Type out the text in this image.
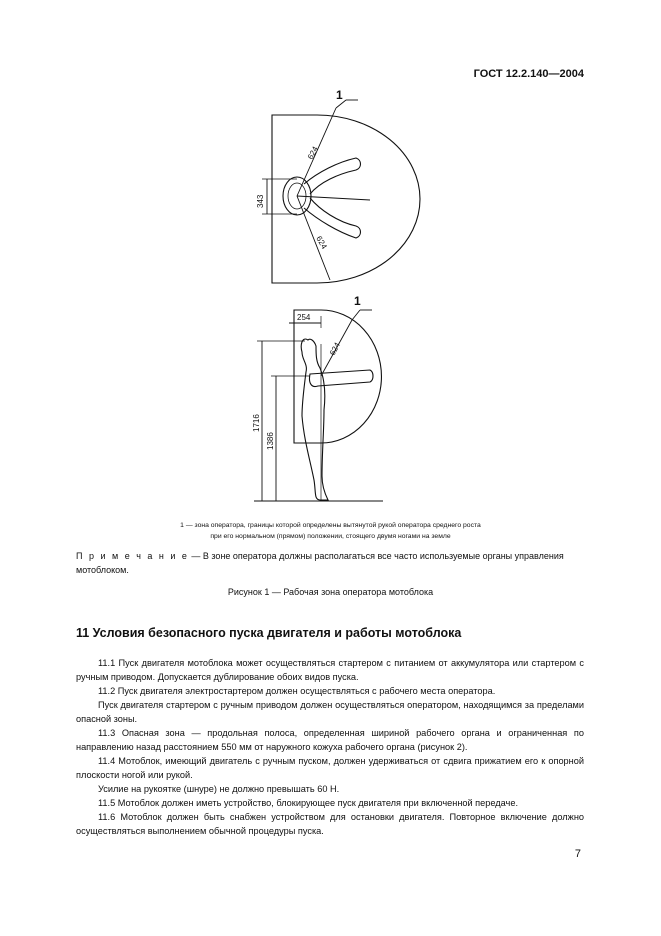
ГОСТ 12.2.140—2004
1
624
624
343
1
254
624
1716
1386
1 — зона оператора, границы которой определены вытянутой рукой оператора среднего роста
при его нормальном (прямом) положении, стоящего двумя ногами на земле
П р и м е ч а н и е — В зоне оператора должны располагаться все часто используемые органы управления мотоблоком.
Рисунок 1 — Рабочая зона оператора мотоблока
11 Условия безопасного пуска двигателя и работы мотоблока

11.1 Пуск двигателя мотоблока может осуществляться стартером с питанием от аккумулятора или стартером с ручным приводом. Допускается дублирование обоих видов пуска.

11.2 Пуск двигателя электростартером должен осуществляться с рабочего места оператора.

Пуск двигателя стартером с ручным приводом должен осуществляться оператором, находящимся за пределами опасной зоны.

11.3 Опасная зона — продольная полоса, определенная шириной рабочего органа и ограниченная по направлению назад расстоянием 550 мм от наружного кожуха рабочего органа (рисунок 2).

11.4 Мотоблок, имеющий двигатель с ручным пуском, должен удерживаться от сдвига прижатием его к опорной плоскости ногой или рукой.

Усилие на рукоятке (шнуре) не должно превышать 60 Н.

11.5 Мотоблок должен иметь устройство, блокирующее пуск двигателя при включенной передаче.

11.6 Мотоблок должен быть снабжен устройством для остановки двигателя. Повторное включение должно осуществляться выполнением обычной процедуры пуска.

7
